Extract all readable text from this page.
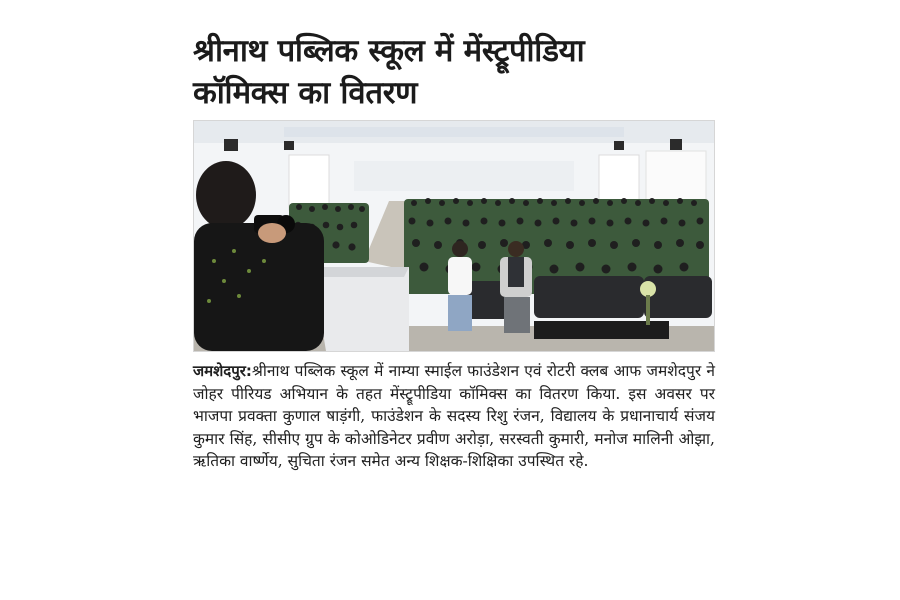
श्रीनाथ पब्लिक स्कूल में मेंस्ट्रूपीडिया
कॉमिक्स का वितरण

जमशेदपुर:श्रीनाथ पब्लिक स्कूल में नाम्या स्माईल फाउंडेशन एवं रोटरी क्लब आफ जमशेदपुर ने जोहर पीरियड अभियान के तहत मेंस्ट्रूपीडिया कॉमिक्स का वितरण किया. इस अवसर पर भाजपा प्रवक्ता कुणाल षाड़ंगी, फाउंडेशन के सदस्य रिशु रंजन, विद्यालय के प्रधानाचार्य संजय कुमार सिंह, सीसीए ग्रुप के कोओडिनेटर प्रवीण अरोड़ा, सरस्वती कुमारी, मनोज मालिनी ओझा, ऋतिका वार्ष्णेय, सुचिता रंजन समेत अन्य शिक्षक-शिक्षिका उपस्थित रहे.
